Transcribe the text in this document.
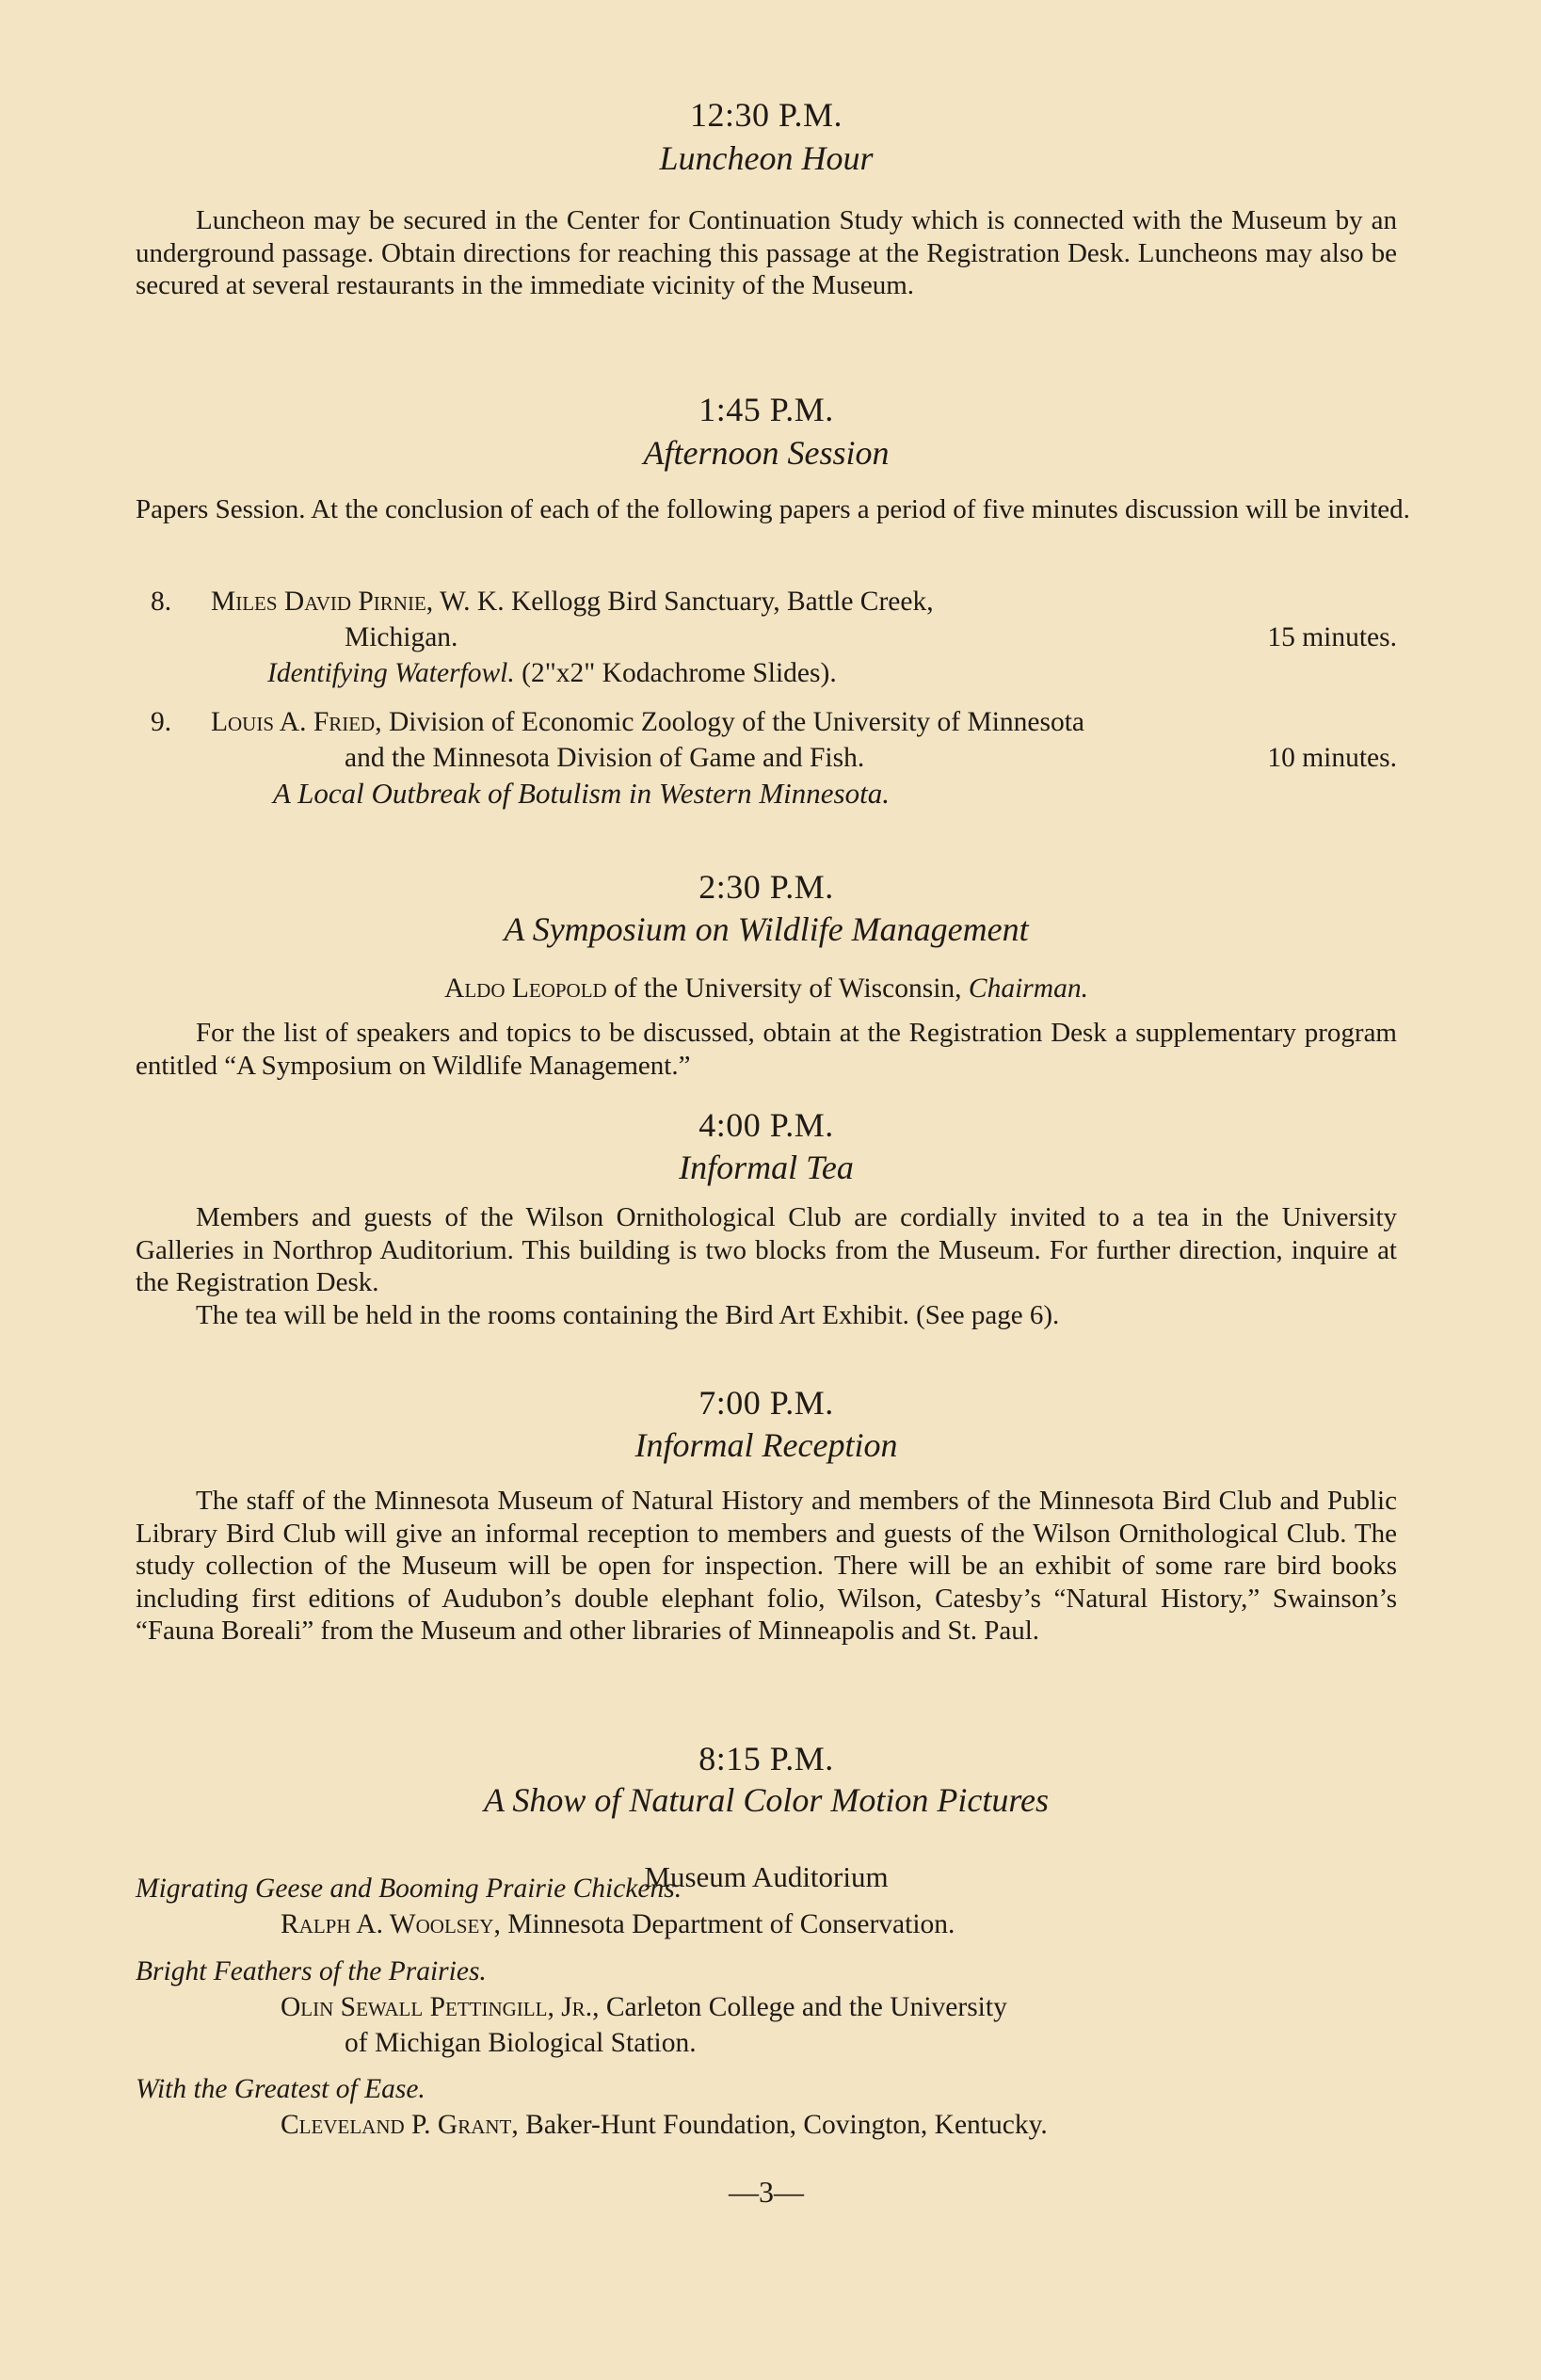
12:30 P.M.
Luncheon Hour
Luncheon may be secured in the Center for Continuation Study which is connected with the Museum by an underground passage. Obtain directions for reaching this passage at the Registration Desk. Luncheons may also be secured at several restaurants in the immediate vicinity of the Museum.
1:45 P.M.
Afternoon Session
Papers Session. At the conclusion of each of the following papers a period of five minutes discussion will be invited.
8. Miles David Pirnie, W. K. Kellogg Bird Sanctuary, Battle Creek,
Michigan.	15 minutes.
Identifying Waterfowl. (2"x2" Kodachrome Slides).
9. Louis A. Fried, Division of Economic Zoology of the University of Minnesota
and the Minnesota Division of Game and Fish.	10 minutes.
A Local Outbreak of Botulism in Western Minnesota.
2:30 P.M.
A Symposium on Wildlife Management
Aldo Leopold of the University of Wisconsin, Chairman.
For the list of speakers and topics to be discussed, obtain at the Registration Desk a supplementary program entitled “A Symposium on Wildlife Management.”
4:00 P.M.
Informal Tea
Members and guests of the Wilson Ornithological Club are cordially invited to a tea in the University Galleries in Northrop Auditorium. This building is two blocks from the Museum. For further direction, inquire at the Registration Desk.
The tea will be held in the rooms containing the Bird Art Exhibit. (See page 6).
7:00 P.M.
Informal Reception
The staff of the Minnesota Museum of Natural History and members of the Minnesota Bird Club and Public Library Bird Club will give an informal reception to members and guests of the Wilson Ornithological Club. The study collection of the Museum will be open for inspection. There will be an exhibit of some rare bird books including first editions of Audubon’s double elephant folio, Wilson, Catesby’s “Natural History,” Swainson’s “Fauna Boreali” from the Museum and other libraries of Minneapolis and St. Paul.
8:15 P.M.
A Show of Natural Color Motion Pictures
Museum Auditorium
Migrating Geese and Booming Prairie Chickens.
Ralph A. Woolsey, Minnesota Department of Conservation.
Bright Feathers of the Prairies.
Olin Sewall Pettingill, Jr., Carleton College and the University
of Michigan Biological Station.
With the Greatest of Ease.
Cleveland P. Grant, Baker-Hunt Foundation, Covington, Kentucky.
—3—
